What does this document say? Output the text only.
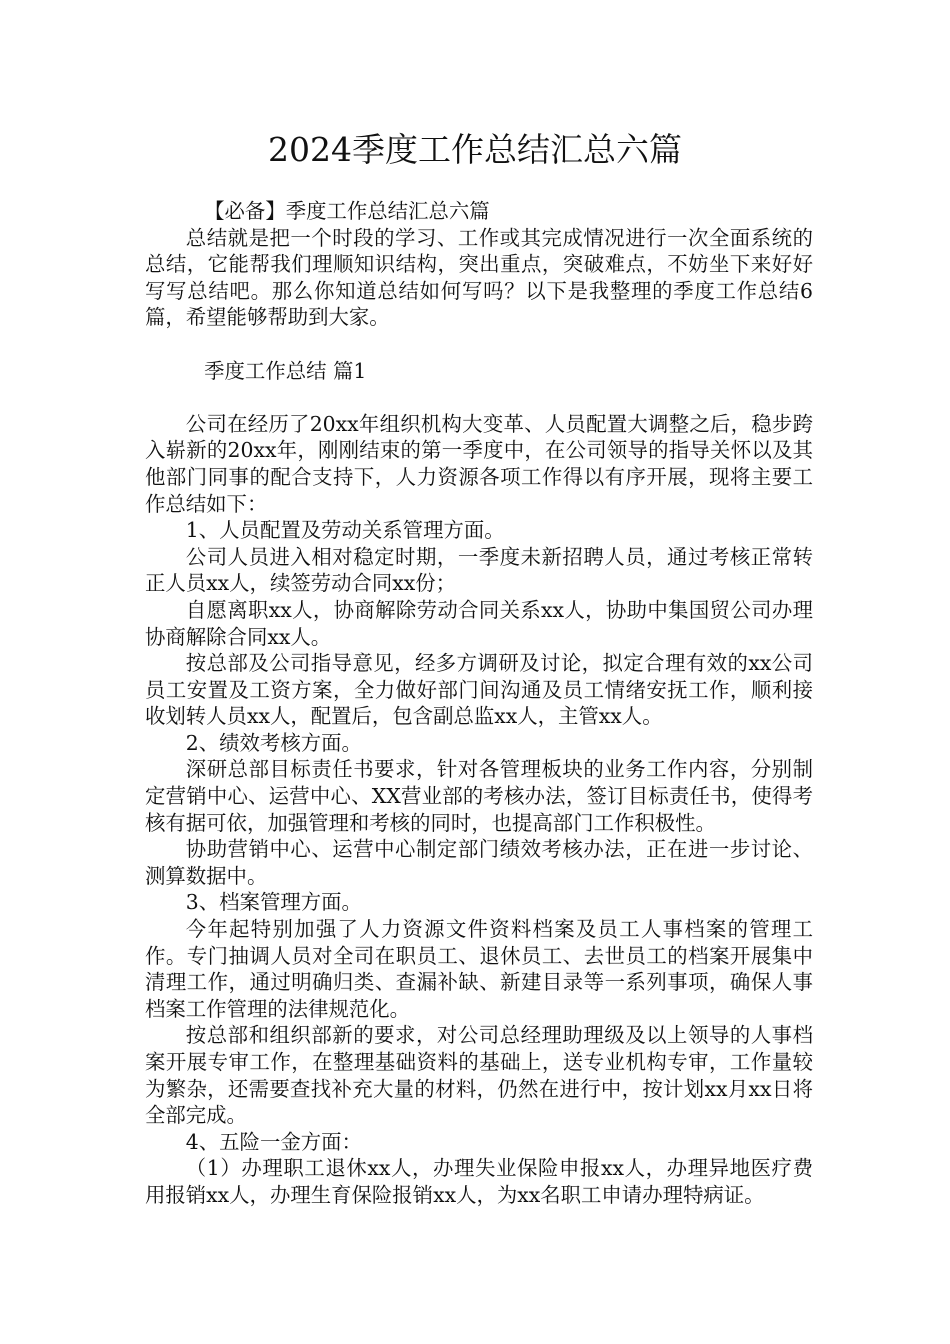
2024季度工作总结汇总六篇

【必备】季度工作总结汇总六篇

总结就是把一个时段的学习、工作或其完成情况进行一次全面系统的总结，它能帮我们理顺知识结构，突出重点，突破难点，不妨坐下来好好写写总结吧。那么你知道总结如何写吗？以下是我整理的季度工作总结6篇，希望能够帮助到大家。

季度工作总结 篇1

公司在经历了20xx年组织机构大变革、人员配置大调整之后，稳步跨入崭新的20xx年，刚刚结束的第一季度中，在公司领导的指导关怀以及其他部门同事的配合支持下，人力资源各项工作得以有序开展，现将主要工作总结如下：

1、人员配置及劳动关系管理方面。

公司人员进入相对稳定时期，一季度未新招聘人员，通过考核正常转正人员xx人，续签劳动合同xx份；

自愿离职xx人，协商解除劳动合同关系xx人，协助中集国贸公司办理协商解除合同xx人。

按总部及公司指导意见，经多方调研及讨论，拟定合理有效的xx公司员工安置及工资方案，全力做好部门间沟通及员工情绪安抚工作，顺利接收划转人员xx人，配置后，包含副总监xx人，主管xx人。

2、绩效考核方面。

深研总部目标责任书要求，针对各管理板块的业务工作内容，分别制定营销中心、运营中心、XX营业部的考核办法，签订目标责任书，使得考核有据可依，加强管理和考核的同时，也提高部门工作积极性。

协助营销中心、运营中心制定部门绩效考核办法，正在进一步讨论、测算数据中。

3、档案管理方面。

今年起特别加强了人力资源文件资料档案及员工人事档案的管理工作。专门抽调人员对全司在职员工、退休员工、去世员工的档案开展集中清理工作，通过明确归类、查漏补缺、新建目录等一系列事项，确保人事档案工作管理的法律规范化。

按总部和组织部新的要求，对公司总经理助理级及以上领导的人事档案开展专审工作，在整理基础资料的基础上，送专业机构专审，工作量较为繁杂，还需要查找补充大量的材料，仍然在进行中，按计划xx月xx日将全部完成。

4、五险一金方面：

（1）办理职工退休xx人，办理失业保险申报xx人，办理异地医疗费用报销xx人，办理生育保险报销xx人，为xx名职工申请办理特病证。
